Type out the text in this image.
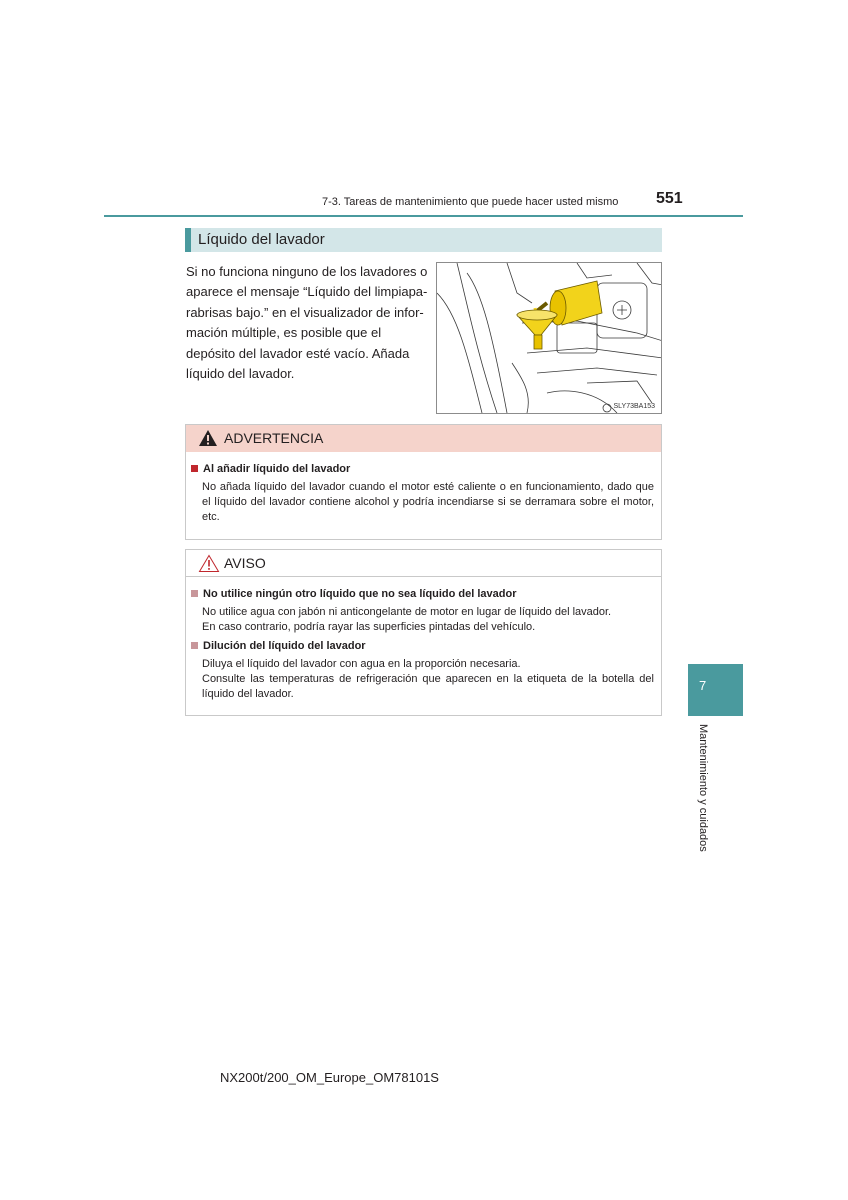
7-3. Tareas de mantenimiento que puede hacer usted mismo 551
Líquido del lavador
Si no funciona ninguno de los lavadores o
aparece el mensaje “Líquido del limpiapa-
rabrisas bajo.” en el visualizador de infor-
mación múltiple, es posible que el
depósito del lavador esté vacío. Añada
líquido del lavador.
SLY73BA153
ADVERTENCIA
Al añadir líquido del lavador
No añada líquido del lavador cuando el motor esté caliente o en funcionamiento, dado que
el líquido del lavador contiene alcohol y podría incendiarse si se derramara sobre el motor,
etc.
AVISO
No utilice ningún otro líquido que no sea líquido del lavador
No utilice agua con jabón ni anticongelante de motor en lugar de líquido del lavador.
En caso contrario, podría rayar las superficies pintadas del vehículo.
Dilución del líquido del lavador
Diluya el líquido del lavador con agua en la proporción necesaria.
Consulte las temperaturas de refrigeración que aparecen en la etiqueta de la botella del
líquido del lavador.
7
Mantenimiento y cuidados
NX200t/200_OM_Europe_OM78101S
